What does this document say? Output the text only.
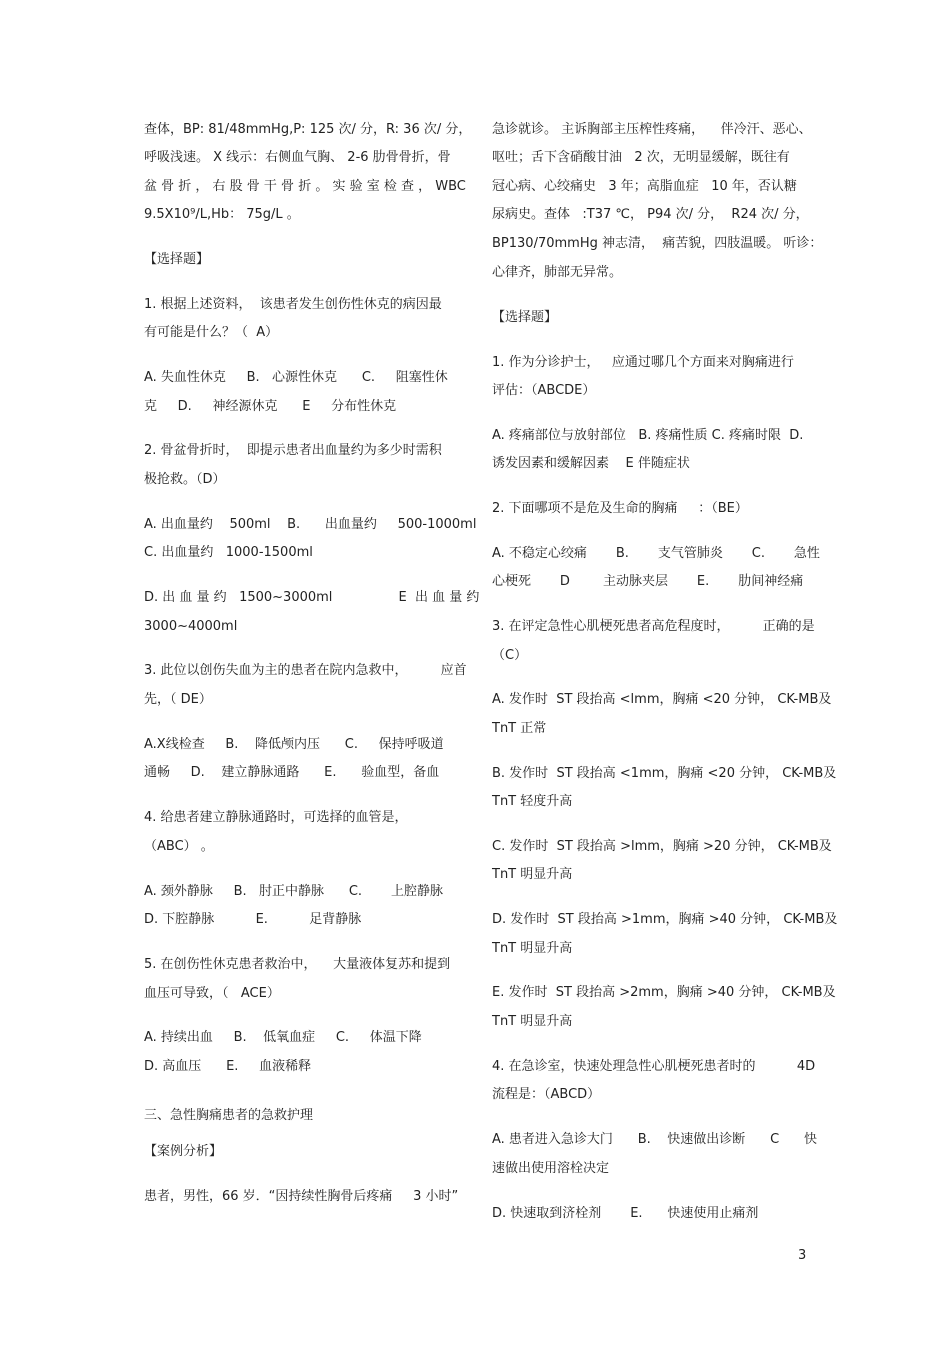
查体，BP: 81/48mmHg,P: 125 次/ 分，R: 36 次/ 分，
呼吸浅速。 X 线示：右侧血气胸、 2-6 肋骨骨折，骨
盆 骨 折 ， 右 股 骨 干 骨 折 。 实 验 室 检 查 ， WBC
9.5X10⁹/L,Hb： 75g/L 。
【选择题】
1. 根据上述资料，  该患者发生创伤性休克的病因最
有可能是什么？（  A）
A. 失血性休克     B.   心源性休克      C.     阻塞性休
克     D.     神经源休克      E     分布性休克
2. 骨盆骨折时，  即提示患者出血量约为多少时需积
极抢救。（D）
A. 出血量约    500ml    B.      出血量约     500-1000ml
C. 出血量约   1000-1500ml
D. 出 血 量 约   1500~3000ml                E  出 血 量 约
3000~4000ml
3. 此位以创伤失血为主的患者在院内急救中，        应首
先，（ DE）
A.X线检查     B.    降低颅内压      C.     保持呼吸道
通畅     D.    建立静脉通路      E.      验血型，备血
4. 给患者建立静脉通路时，可选择的血管是，
（ABC） 。
A. 颈外静脉     B.   肘正中静脉      C.       上腔静脉
D. 下腔静脉          E.          足背静脉
5. 在创伤性休克患者救治中，    大量液体复苏和提到
血压可导致，（   ACE）
A. 持续出血     B.    低氧血症     C.     体温下降
D. 高血压      E.     血液稀释
三、急性胸痛患者的急救护理
【案例分析】
患者，男性，66 岁．“因持续性胸骨后疼痛     3 小时”
急诊就诊。 主诉胸部主压榨性疼痛，    伴冷汗、恶心、
呕吐；舌下含硝酸甘油   2 次，无明显缓解，既往有
冠心病、心绞痛史   3 年；高脂血症   10 年，否认糖
尿病史。查体   :T37 ℃， P94 次/ 分，  R24 次/ 分，
BP130/70mmHg 神志清，  痛苦貌，四肢温暖。 听诊：
心律齐，肺部无异常。
【选择题】
1. 作为分诊护士，   应通过哪几个方面来对胸痛进行
评估：（ABCDE）
A. 疼痛部位与放射部位   B. 疼痛性质 C. 疼痛时限  D.
诱发因素和缓解因素    E 伴随症状
2. 下面哪项不是危及生命的胸痛     ：（BE）
A. 不稳定心绞痛       B.       支气管肺炎       C.       急性
心梗死       D        主动脉夹层       E.       肋间神经痛
3. 在评定急性心肌梗死患者高危程度时，        正确的是
（C）
A. 发作时  ST 段抬高 <lmm，胸痛 <20 分钟， CK-MB及
TnT 正常
B. 发作时  ST 段抬高 <1mm，胸痛 <20 分钟， CK-MB及
TnT 轻度升高
C. 发作时  ST 段抬高 >lmm，胸痛 >20 分钟， CK-MB及
TnT 明显升高
D. 发作时  ST 段抬高 >1mm，胸痛 >40 分钟， CK-MB及
TnT 明显升高
E. 发作时  ST 段抬高 >2mm，胸痛 >40 分钟， CK-MB及
TnT 明显升高
4. 在急诊室，快速处理急性心肌梗死患者时的          4D
流程是：（ABCD）
A. 患者进入急诊大门      B.    快速做出诊断      C      快
速做出使用溶栓决定
D. 快速取到济栓剂       E.      快速使用止痛剂
3
